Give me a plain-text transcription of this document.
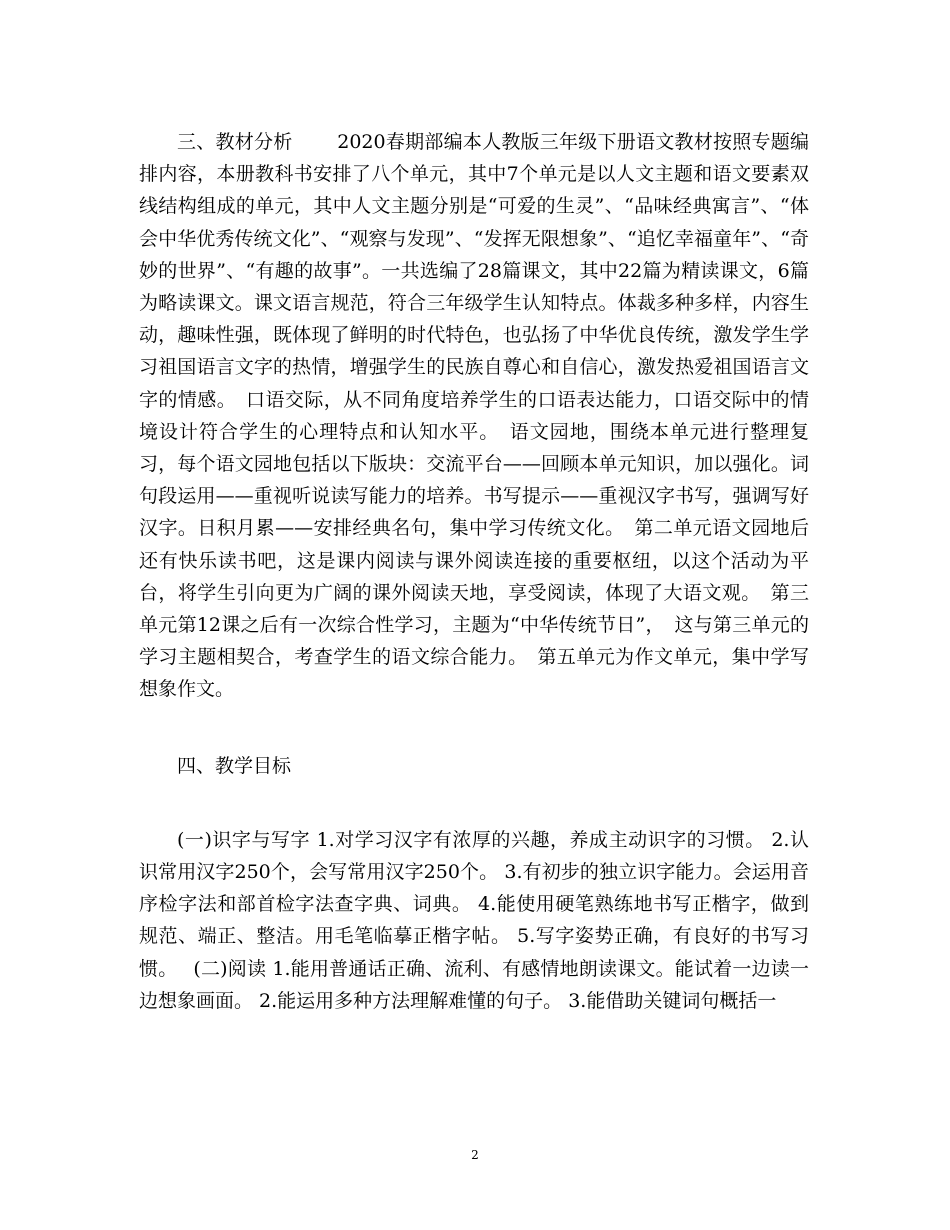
三、教材分析　　 2020春期部编本人教版三年级下册语文教材按照专题编排内容，本册教科书安排了八个单元，其中7个单元是以人文主题和语文要素双线结构组成的单元，其中人文主题分别是“可爱的生灵”、“品味经典寓言”、“体会中华优秀传统文化”、“观察与发现”、“发挥无限想象”、“追忆幸福童年”、“奇妙的世界”、“有趣的故事”。一共选编了28篇课文，其中22篇为精读课文，6篇为略读课文。课文语言规范，符合三年级学生认知特点。体裁多种多样，内容生动，趣味性强，既体现了鲜明的时代特色，也弘扬了中华优良传统，激发学生学习祖国语言文字的热情，增强学生的民族自尊心和自信心，激发热爱祖国语言文字的情感。　口语交际，从不同角度培养学生的口语表达能力，口语交际中的情境设计符合学生的心理特点和认知水平。　语文园地，围绕本单元进行整理复习，每个语文园地包括以下版块：交流平台——回顾本单元知识，加以强化。词句段运用——重视听说读写能力的培养。书写提示——重视汉字书写，强调写好汉字。日积月累——安排经典名句，集中学习传统文化。　第二单元语文园地后还有快乐读书吧，这是课内阅读与课外阅读连接的重要枢纽，以这个活动为平台，将学生引向更为广阔的课外阅读天地，享受阅读，体现了大语文观。　第三单元第12课之后有一次综合性学习，主题为“中华传统节日”，　这与第三单元的学习主题相契合，考查学生的语文综合能力。　第五单元为作文单元，集中学写想象作文。

四、教学目标

(一)识字与写字 1.对学习汉字有浓厚的兴趣，养成主动识字的习惯。 2.认识常用汉字250个，会写常用汉字250个。 3.有初步的独立识字能力。会运用音序检字法和部首检字法查字典、词典。 4.能使用硬笔熟练地书写正楷字，做到规范、端正、整洁。用毛笔临摹正楷字帖。 5.写字姿势正确，有良好的书写习惯。　 (二)阅读 1.能用普通话正确、流利、有感情地朗读课文。能试着一边读一边想象画面。 2.能运用多种方法理解难懂的句子。 3.能借助关键词句概括一

2
